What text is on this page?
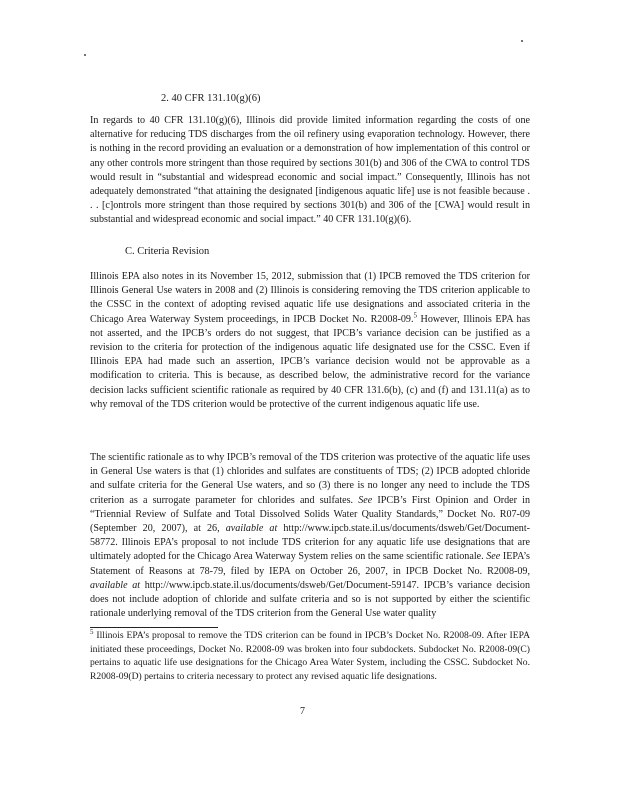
2. 40 CFR 131.10(g)(6)

In regards to 40 CFR 131.10(g)(6), Illinois did provide limited information regarding the costs of one alternative for reducing TDS discharges from the oil refinery using evaporation technology. However, there is nothing in the record providing an evaluation or a demonstration of how implementation of this control or any other controls more stringent than those required by sections 301(b) and 306 of the CWA to control TDS would result in “substantial and widespread economic and social impact.” Consequently, Illinois has not adequately demonstrated “that attaining the designated [indigenous aquatic life] use is not feasible because . . . [c]ontrols more stringent than those required by sections 301(b) and 306 of the [CWA] would result in substantial and widespread economic and social impact.” 40 CFR 131.10(g)(6).

C. Criteria Revision

Illinois EPA also notes in its November 15, 2012, submission that (1) IPCB removed the TDS criterion for Illinois General Use waters in 2008 and (2) Illinois is considering removing the TDS criterion applicable to the CSSC in the context of adopting revised aquatic life use designations and associated criteria in the Chicago Area Waterway System proceedings, in IPCB Docket No. R2008-09.$^5$ However, Illinois EPA has not asserted, and the IPCB’s orders do not suggest, that IPCB’s variance decision can be justified as a revision to the criteria for protection of the indigenous aquatic life designated use for the CSSC. Even if Illinois EPA had made such an assertion, IPCB’s variance decision would not be approvable as a modification to criteria. This is because, as described below, the administrative record for the variance decision lacks sufficient scientific rationale as required by 40 CFR 131.6(b), (c) and (f) and 131.11(a) as to why removal of the TDS criterion would be protective of the current indigenous aquatic life use.

The scientific rationale as to why IPCB’s removal of the TDS criterion was protective of the aquatic life uses in General Use waters is that (1) chlorides and sulfates are constituents of TDS; (2) IPCB adopted chloride and sulfate criteria for the General Use waters, and so (3) there is no longer any need to include the TDS criterion as a surrogate parameter for chlorides and sulfates. See IPCB’s First Opinion and Order in “Triennial Review of Sulfate and Total Dissolved Solids Water Quality Standards,” Docket No. R07-09 (September 20, 2007), at 26, available at http://www.ipcb.state.il.us/documents/dsweb/Get/Document-58772. Illinois EPA’s proposal to not include TDS criterion for any aquatic life use designations that are ultimately adopted for the Chicago Area Waterway System relies on the same scientific rationale. See IEPA’s Statement of Reasons at 78-79, filed by IEPA on October 26, 2007, in IPCB Docket No. R2008-09, available at http://www.ipcb.state.il.us/documents/dsweb/Get/Document-59147. IPCB’s variance decision does not include adoption of chloride and sulfate criteria and so is not supported by either the scientific rationale underlying removal of the TDS criterion from the General Use water quality

$^5$ Illinois EPA’s proposal to remove the TDS criterion can be found in IPCB’s Docket No. R2008-09. After IEPA initiated these proceedings, Docket No. R2008-09 was broken into four subdockets. Subdocket No. R2008-09(C) pertains to aquatic life use designations for the Chicago Area Water System, including the CSSC. Subdocket No. R2008-09(D) pertains to criteria necessary to protect any revised aquatic life designations.

7
